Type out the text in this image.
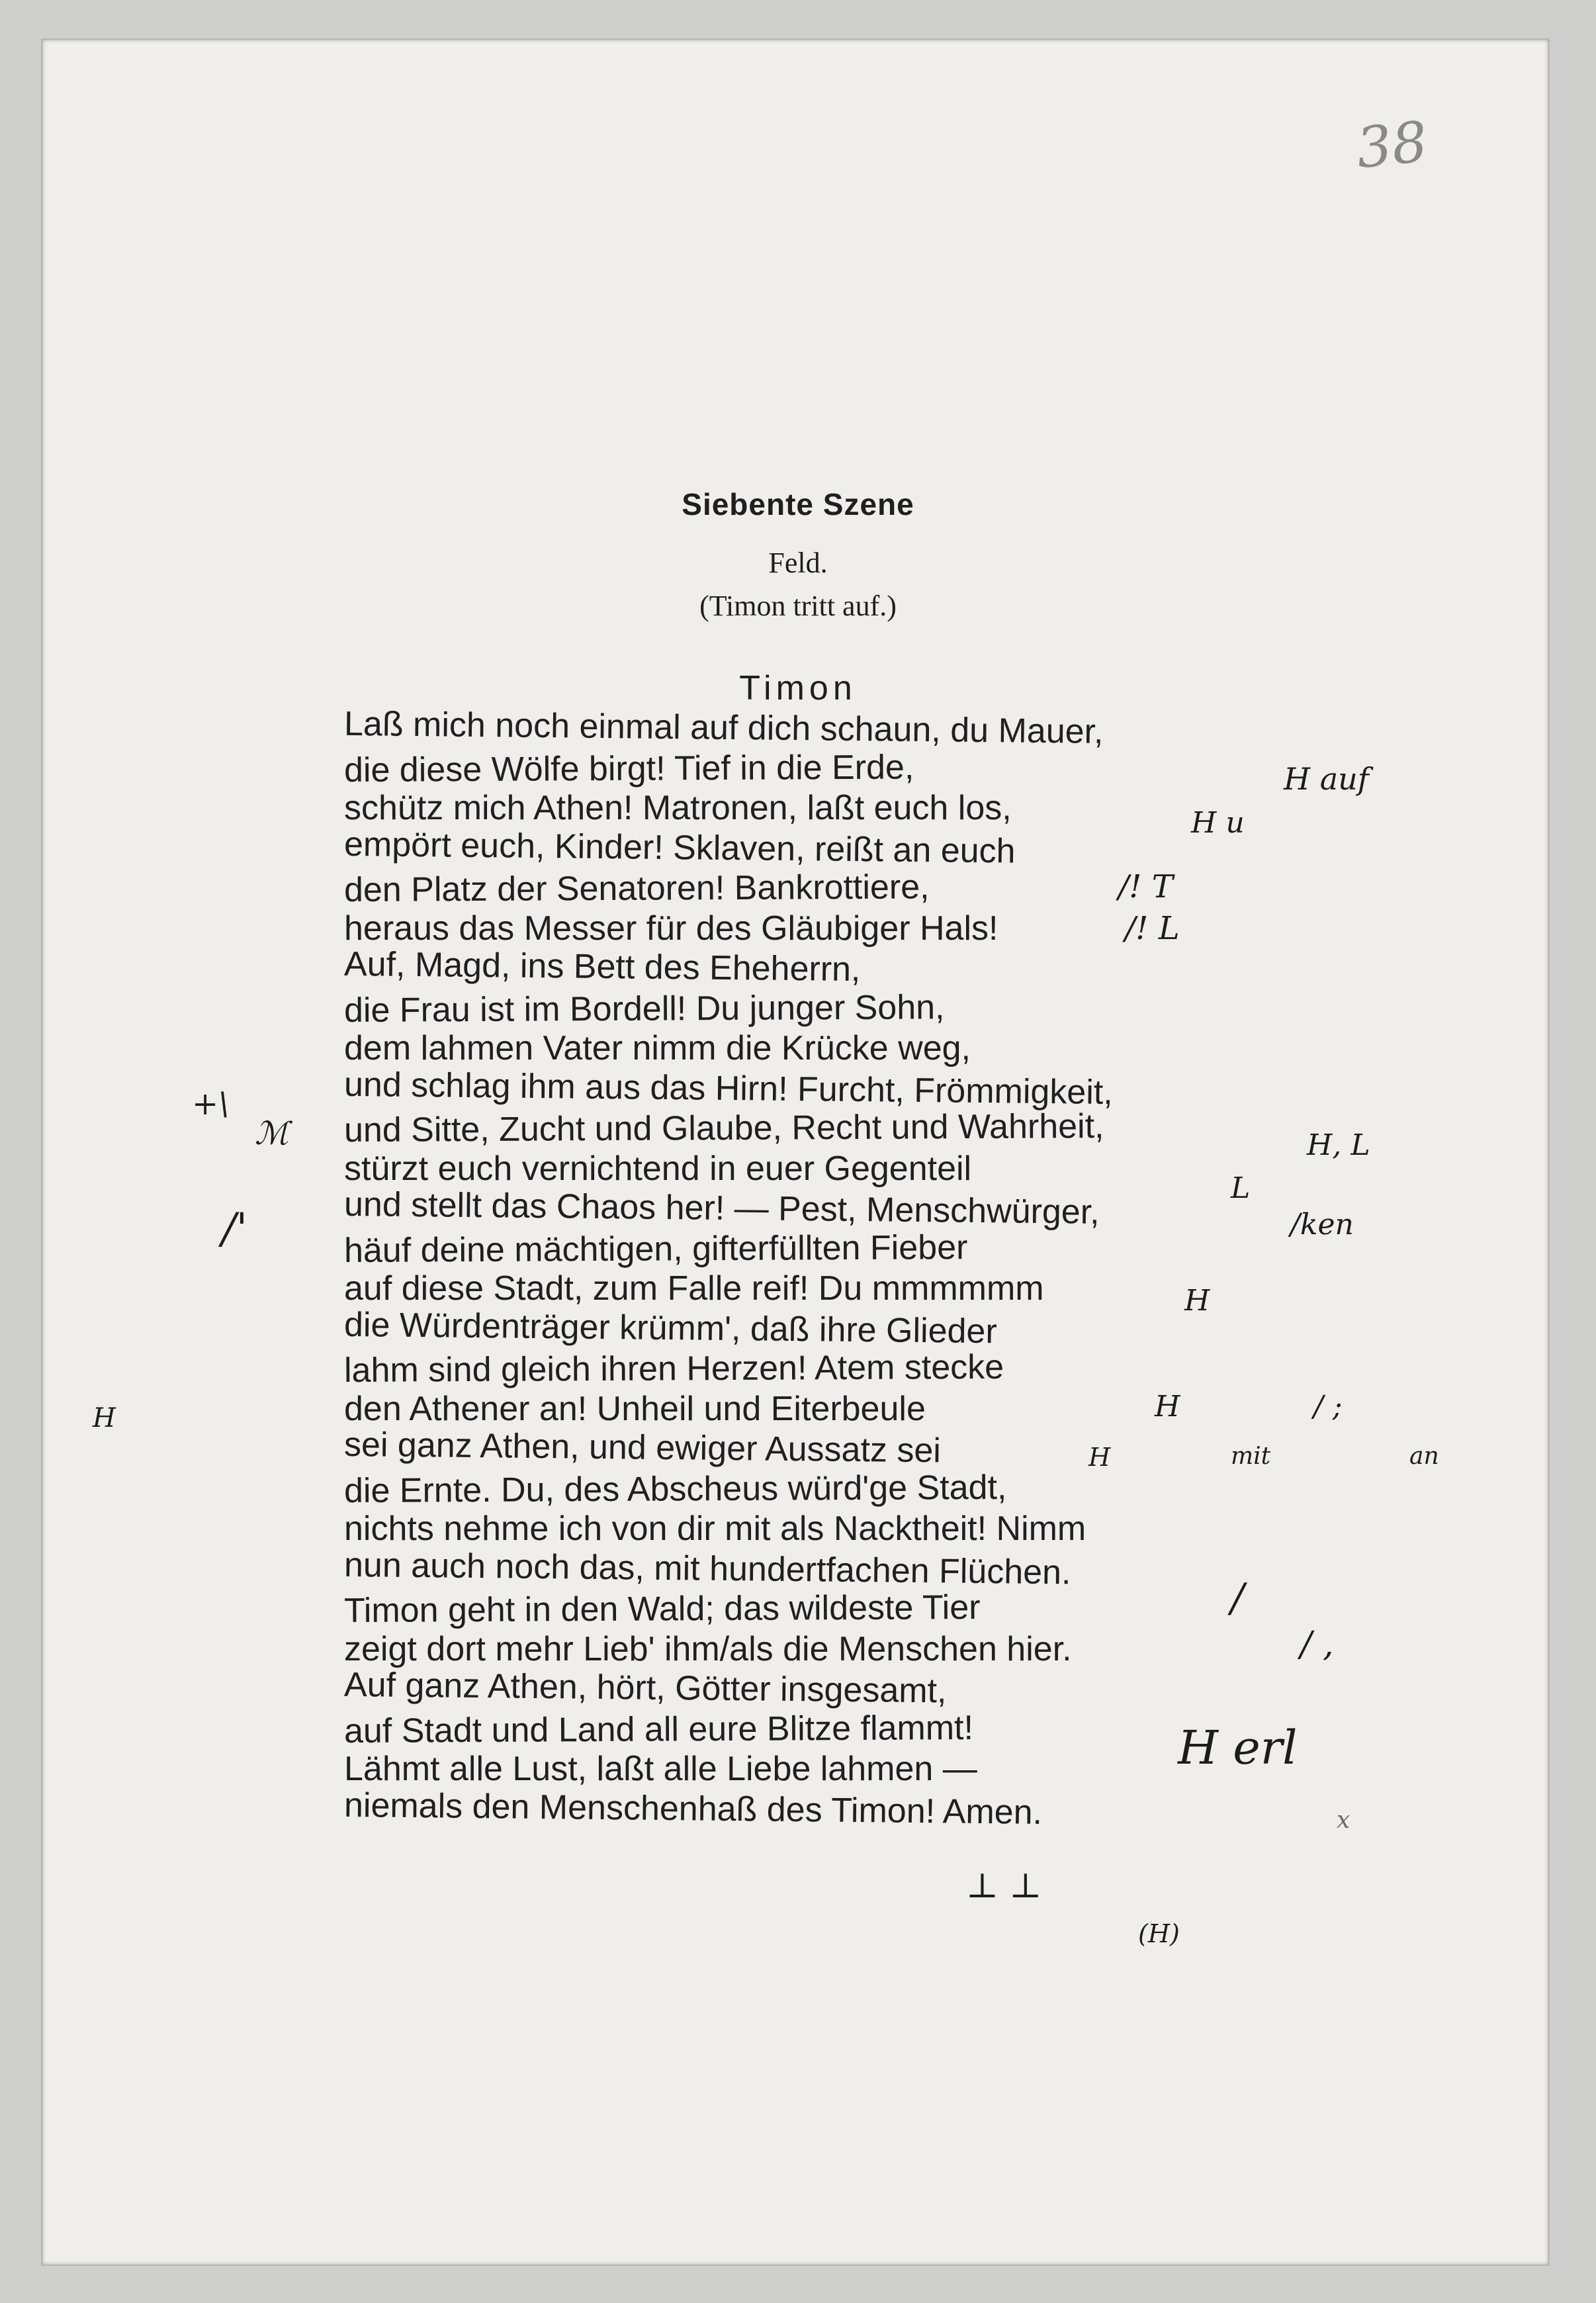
38
Siebente Szene
Feld.
(Timon tritt auf.)
Timon
Laß mich noch einmal auf dich schaun, du Mauer,
die diese Wölfe birgt! Tief in die Erde,
schütz mich Athen! Matronen, laßt euch los,
empört euch, Kinder! Sklaven, reißt an euch
den Platz der Senatoren! Bankrottiere,
heraus das Messer für des Gläubiger Hals!
Auf, Magd, ins Bett des Eheherrn,
die Frau ist im Bordell! Du junger Sohn,
dem lahmen Vater nimm die Krücke weg,
und schlag ihm aus das Hirn! Furcht, Frömmigkeit,
und Sitte, Zucht und Glaube, Recht und Wahrheit,
stürzt euch vernichtend in euer Gegenteil
und stellt das Chaos her! — Pest, Menschwürger,
häuf deine mächtigen, gifterfüllten Fieber
auf diese Stadt, zum Falle reif! Du mmmmmm
die Würdenträger krümm', daß ihre Glieder
lahm sind gleich ihren Herzen! Atem stecke
den Athener an! Unheil und Eiterbeule
sei ganz Athen, und ewiger Aussatz sei
die Ernte. Du, des Abscheus würd'ge Stadt,
nichts nehme ich von dir mit als Nacktheit! Nimm
nun auch noch das, mit hundertfachen Flüchen.
Timon geht in den Wald; das wildeste Tier
zeigt dort mehr Lieb' ihm/als die Menschen hier.
Auf ganz Athen, hört, Götter insgesamt,
auf Stadt und Land all eure Blitze flammt!
Lähmt alle Lust, laßt alle Liebe lahmen —
niemals den Menschenhaß des Timon! Amen.
H auf
H u
/! T
/! L
H, L
L
/ken
H
H	/ ;
H	mit	an
/
/ ,
H erl
x
⊥ ⊥
(H)
+\
ℳ
/'
H
